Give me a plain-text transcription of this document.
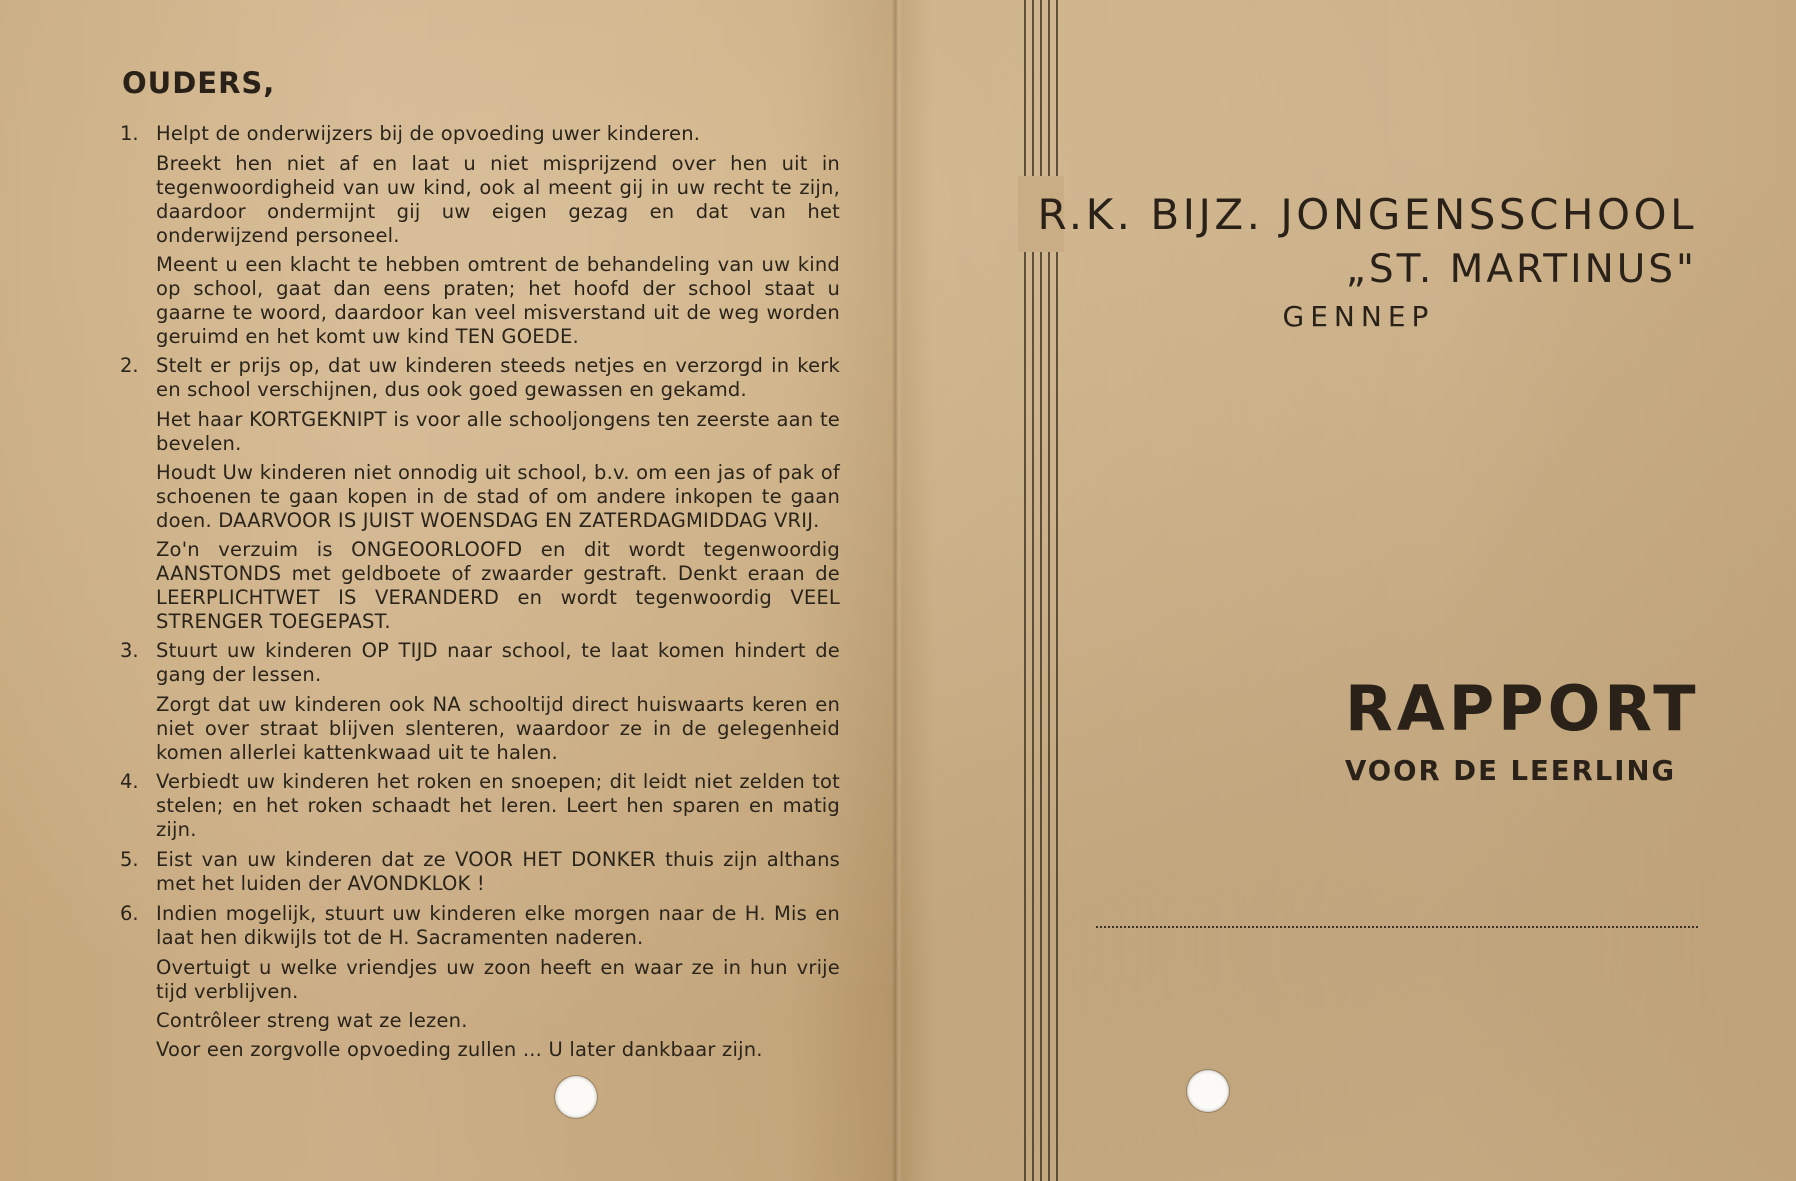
OUDERS,
1. Helpt de onderwijzers bij de opvoeding uwer kinderen.
Breekt hen niet af en laat u niet misprijzend over hen uit in tegenwoordigheid van uw kind, ook al meent gij in uw recht te zijn, daardoor ondermijnt gij uw eigen gezag en dat van het onderwijzend personeel.
Meent u een klacht te hebben omtrent de behandeling van uw kind op school, gaat dan eens praten; het hoofd der school staat u gaarne te woord, daardoor kan veel misverstand uit de weg worden geruimd en het komt uw kind TEN GOEDE.
2. Stelt er prijs op, dat uw kinderen steeds netjes en verzorgd in kerk en school verschijnen, dus ook goed gewassen en gekamd.
Het haar KORTGEKNIPT is voor alle schooljongens ten zeerste aan te bevelen.
Houdt Uw kinderen niet onnodig uit school, b.v. om een jas of pak of schoenen te gaan kopen in de stad of om andere inkopen te gaan doen. DAARVOOR IS JUIST WOENSDAG EN ZATERDAGMIDDAG VRIJ.
Zo'n verzuim is ONGEOORLOOFD en dit wordt tegenwoordig AANSTONDS met geldboete of zwaarder gestraft. Denkt eraan de LEERPLICHTWET IS VERANDERD en wordt tegenwoordig VEEL STRENGER TOEGEPAST.
3. Stuurt uw kinderen OP TIJD naar school, te laat komen hindert de gang der lessen.
Zorgt dat uw kinderen ook NA schooltijd direct huiswaarts keren en niet over straat blijven slenteren, waardoor ze in de gelegenheid komen allerlei kattenkwaad uit te halen.
4. Verbiedt uw kinderen het roken en snoepen; dit leidt niet zelden tot stelen; en het roken schaadt het leren. Leert hen sparen en matig zijn.
5. Eist van uw kinderen dat ze VOOR HET DONKER thuis zijn althans met het luiden der AVONDKLOK !
6. Indien mogelijk, stuurt uw kinderen elke morgen naar de H. Mis en laat hen dikwijls tot de H. Sacramenten naderen.
Overtuigt u welke vriendjes uw zoon heeft en waar ze in hun vrije tijd verblijven.
Contrôleer streng wat ze lezen.
Voor een zorgvolle opvoeding zullen ... U later dankbaar zijn.
R.K. BIJZ. JONGENSSCHOOL
„ST. MARTINUS"
GENNEP
RAPPORT
VOOR DE LEERLING
